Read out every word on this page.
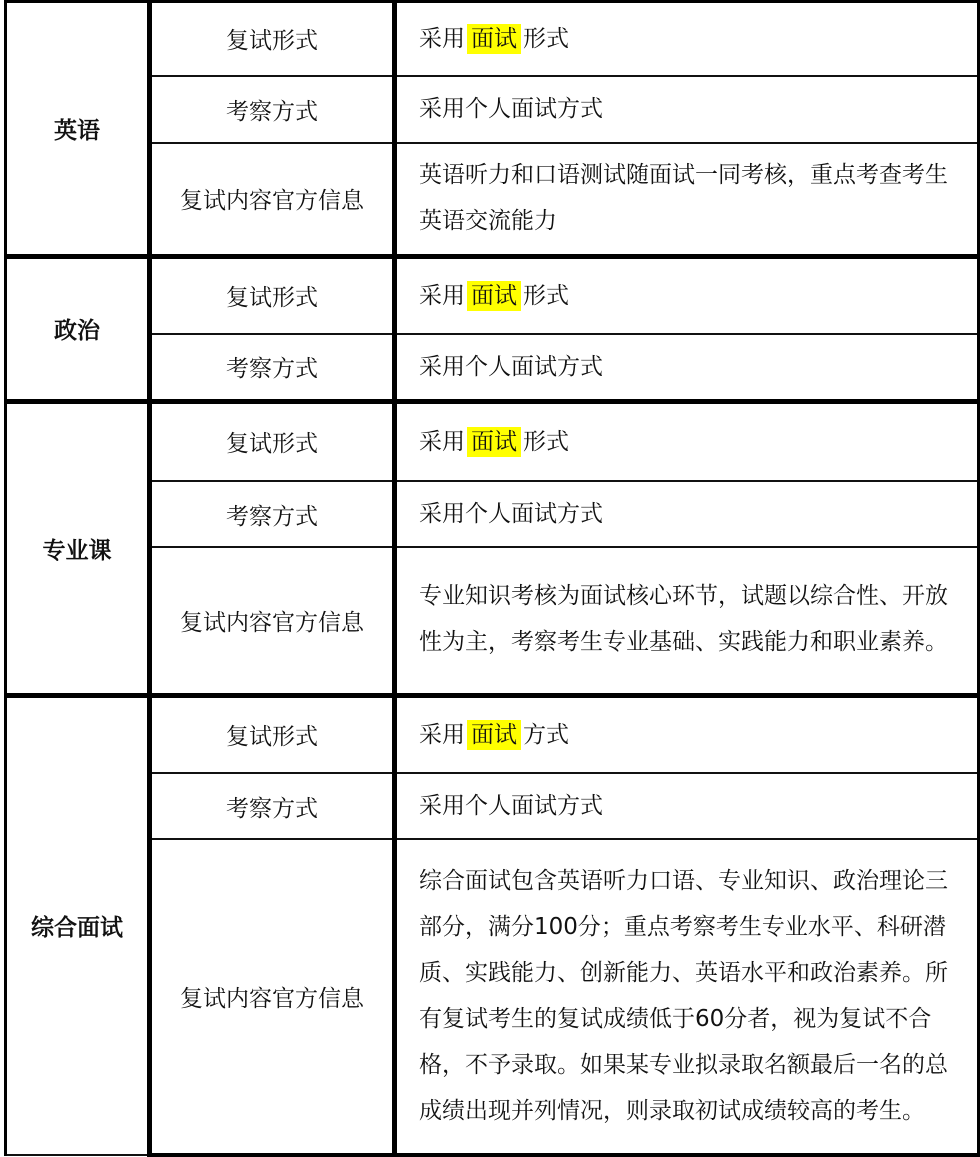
英语	复试形式	采用 面试 形式
	考察方式	采用个人面试方式
	复试内容官方信息	英语听力和口语测试随面试一同考核，重点考查考生英语交流能力
政治	复试形式	采用 面试 形式
	考察方式	采用个人面试方式
专业课	复试形式	采用 面试 形式
	考察方式	采用个人面试方式
	复试内容官方信息	专业知识考核为面试核心环节，试题以综合性、开放性为主，考察考生专业基础、实践能力和职业素养。
综合面试	复试形式	采用 面试 方式
	考察方式	采用个人面试方式
	复试内容官方信息	综合面试包含英语听力口语、专业知识、政治理论三部分，满分100分；重点考察考生专业水平、科研潜质、实践能力、创新能力、英语水平和政治素养。所有复试考生的复试成绩低于60分者，视为复试不合格，不予录取。如果某专业拟录取名额最后一名的总成绩出现并列情况，则录取初试成绩较高的考生。
